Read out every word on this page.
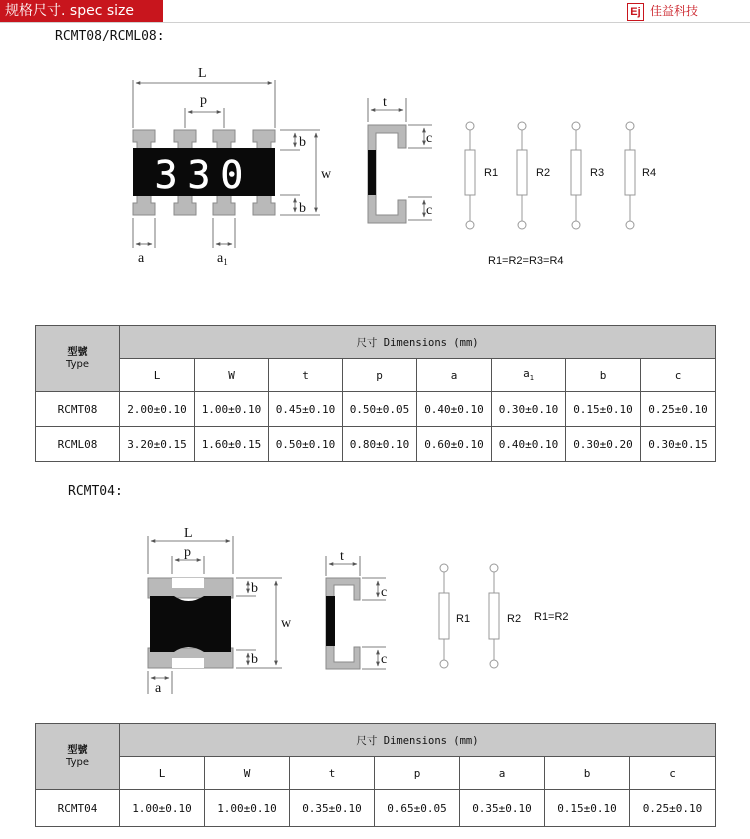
规格尺寸. spec size	Ej 佳益科技
RCMT08/RCML08:
L
p
b
b
w
a	$a_1$
t
c
c
330	R1	R2	R3	R4
R1=R2=R3=R4
型號
Type	尺寸 Dimensions (mm)							
	L	W	t	p	a	$a_1$	b	c
RCMT08	2.00±0.10	1.00±0.10	0.45±0.10	0.50±0.05	0.40±0.10	0.30±0.10	0.15±0.10	0.25±0.10
RCML08	3.20±0.15	1.60±0.15	0.50±0.10	0.80±0.10	0.60±0.10	0.40±0.10	0.30±0.20	0.30±0.15
RCMT04:
L
p
b
b
w
a
t
c
c
R1	R2 R1=R2
型號
Type	尺寸 Dimensions (mm)						
	L	W	t	p	a	b	c
RCMT04	1.00±0.10	1.00±0.10	0.35±0.10	0.65±0.05	0.35±0.10	0.15±0.10	0.25±0.10
